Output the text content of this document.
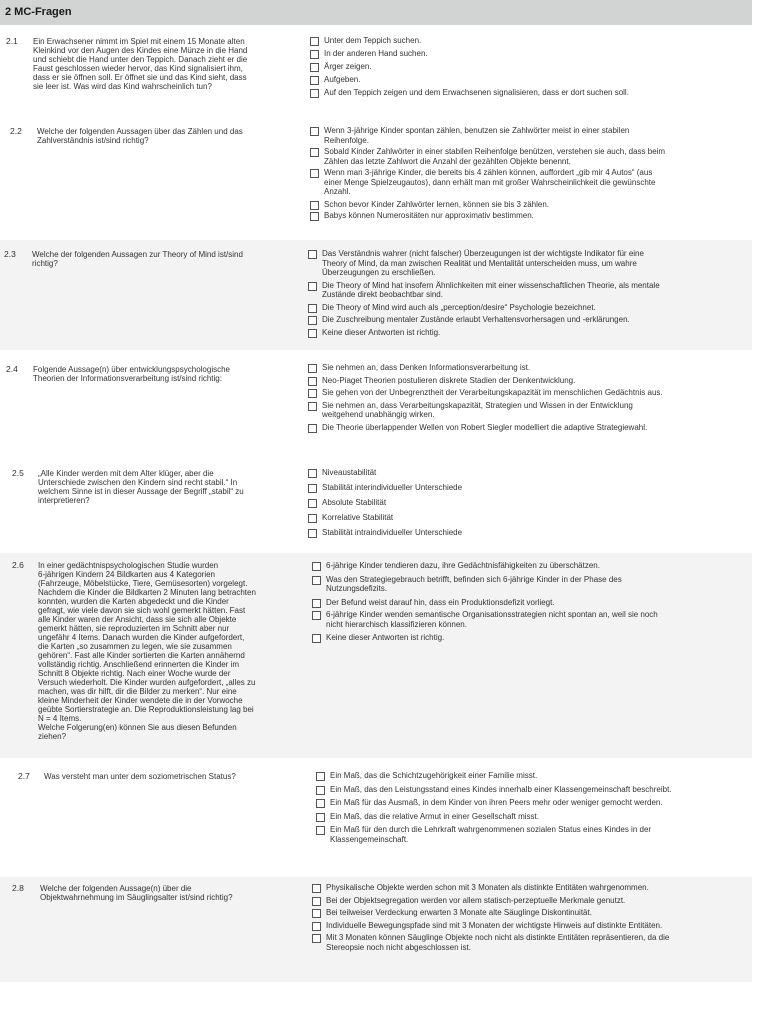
2 MC-Fragen
2.1 Ein Erwachsener nimmt im Spiel mit einem 15 Monate alten
Kleinkind vor den Augen des Kindes eine Münze in die Hand
und schiebt die Hand unter den Teppich. Danach zieht er die
Faust geschlossen wieder hervor, das Kind signalisiert ihm,
dass er sie öffnen soll. Er öffnet sie und das Kind sieht, dass
sie leer ist. Was wird das Kind wahrscheinlich tun?
Unter dem Teppich suchen.
In der anderen Hand suchen.
Ärger zeigen.
Aufgeben.
Auf den Teppich zeigen und dem Erwachsenen signalisieren, dass er dort suchen soll.
2.2 Welche der folgenden Aussagen über das Zählen und das
Zahlverständnis ist/sind richtig?
Wenn 3-jährige Kinder spontan zählen, benutzen sie Zahlwörter meist in einer stabilen
Reihenfolge.
Sobald Kinder Zahlwörter in einer stabilen Reihenfolge benützen, verstehen sie auch, dass beim
Zählen das letzte Zahlwort die Anzahl der gezählten Objekte benennt.
Wenn man 3-jährige Kinder, die bereits bis 4 zählen können, auffordert „gib mir 4 Autos“ (aus
einer Menge Spielzeugautos), dann erhält man mit großer Wahrscheinlichkeit die gewünschte
Anzahl.
Schon bevor Kinder Zahlwörter lernen, können sie bis 3 zählen.
Babys können Numerositäten nur approximativ bestimmen.
2.3 Welche der folgenden Aussagen zur Theory of Mind ist/sind
richtig?
Das Verständnis wahrer (nicht falscher) Überzeugungen ist der wichtigste Indikator für eine
Theory of Mind, da man zwischen Realität und Mentalität unterscheiden muss, um wahre
Überzeugungen zu erschließen.
Die Theory of Mind hat insofern Ähnlichkeiten mit einer wissenschaftlichen Theorie, als mentale
Zustände direkt beobachtbar sind.
Die Theory of Mind wird auch als „perception/desire“ Psychologie bezeichnet.
Die Zuschreibung mentaler Zustände erlaubt Verhaltensvorhersagen und -erklärungen.
Keine dieser Antworten ist richtig.
2.4 Folgende Aussage(n) über entwicklungspsychologische
Theorien der Informationsverarbeitung ist/sind richtig:
Sie nehmen an, dass Denken Informationsverarbeitung ist.
Neo-Piaget Theorien postulieren diskrete Stadien der Denkentwicklung.
Sie gehen von der Unbegrenztheit der Verarbeitungskapazität im menschlichen Gedächtnis aus.
Sie nehmen an, dass Verarbeitungskapazität, Strategien und Wissen in der Entwicklung
weitgehend unabhängig wirken.
Die Theorie überlappender Wellen von Robert Siegler modelliert die adaptive Strategiewahl.
2.5 „Alle Kinder werden mit dem Alter klüger, aber die
Unterschiede zwischen den Kindern sind recht stabil.“ In
welchem Sinne ist in dieser Aussage der Begriff „stabil“ zu
interpretieren?
Niveaustabilität
Stabilität interindividueller Unterschiede
Absolute Stabilität
Korrelative Stabilität
Stabilität intraindividueller Unterschiede
2.6 In einer gedächtnispsychologischen Studie wurden
6-jährigen Kindern 24 Bildkarten aus 4 Kategorien
(Fahrzeuge, Möbelstücke, Tiere, Gemüsesorten) vorgelegt.
Nachdem die Kinder die Bildkarten 2 Minuten lang betrachten
konnten, wurden die Karten abgedeckt und die Kinder
gefragt, wie viele davon sie sich wohl gemerkt hätten. Fast
alle Kinder waren der Ansicht, dass sie sich alle Objekte
gemerkt hätten, sie reproduzierten im Schnitt aber nur
ungefähr 4 Items. Danach wurden die Kinder aufgefordert,
die Karten „so zusammen zu legen, wie sie zusammen
gehören“. Fast alle Kinder sortierten die Karten annähernd
vollständig richtig. Anschließend erinnerten die Kinder im
Schnitt 8 Objekte richtig. Nach einer Woche wurde der
Versuch wiederholt. Die Kinder wurden aufgefordert, „alles zu
machen, was dir hilft, dir die Bilder zu merken“. Nur eine
kleine Minderheit der Kinder wendete die in der Vorwoche
geübte Sortierstrategie an. Die Reproduktionsleistung lag bei
N = 4 Items.
Welche Folgerung(en) können Sie aus diesen Befunden
ziehen?
6-jährige Kinder tendieren dazu, ihre Gedächtnisfähigkeiten zu überschätzen.
Was den Strategiegebrauch betrifft, befinden sich 6-jährige Kinder in der Phase des
Nutzungsdefizits.
Der Befund weist darauf hin, dass ein Produktionsdefizit vorliegt.
6-jährige Kinder wenden semantische Organisationsstrategien nicht spontan an, weil sie noch
nicht hierarchisch klassifizieren können.
Keine dieser Antworten ist richtig.
2.7 Was versteht man unter dem soziometrischen Status?	Ein Maß, das die Schichtzugehörigkeit einer Familie misst.
Ein Maß, das den Leistungsstand eines Kindes innerhalb einer Klassengemeinschaft beschreibt.
Ein Maß für das Ausmaß, in dem Kinder von ihren Peers mehr oder weniger gemocht werden.
Ein Maß, das die relative Armut in einer Gesellschaft misst.
Ein Maß für den durch die Lehrkraft wahrgenommenen sozialen Status eines Kindes in der
Klassengemeinschaft.
2.8 Welche der folgenden Aussage(n) über die
Objektwahrnehmung im Säuglingsalter ist/sind richtig?
Physikalische Objekte werden schon mit 3 Monaten als distinkte Entitäten wahrgenommen.
Bei der Objektsegregation werden vor allem statisch-perzeptuelle Merkmale genutzt.
Bei teilweiser Verdeckung erwarten 3 Monate alte Säuglinge Diskontinuität.
Individuelle Bewegungspfade sind mit 3 Monaten der wichtigste Hinweis auf distinkte Entitäten.
Mit 3 Monaten können Säuglinge Objekte noch nicht als distinkte Entitäten repräsentieren, da die
Stereopsie noch nicht abgeschlossen ist.
